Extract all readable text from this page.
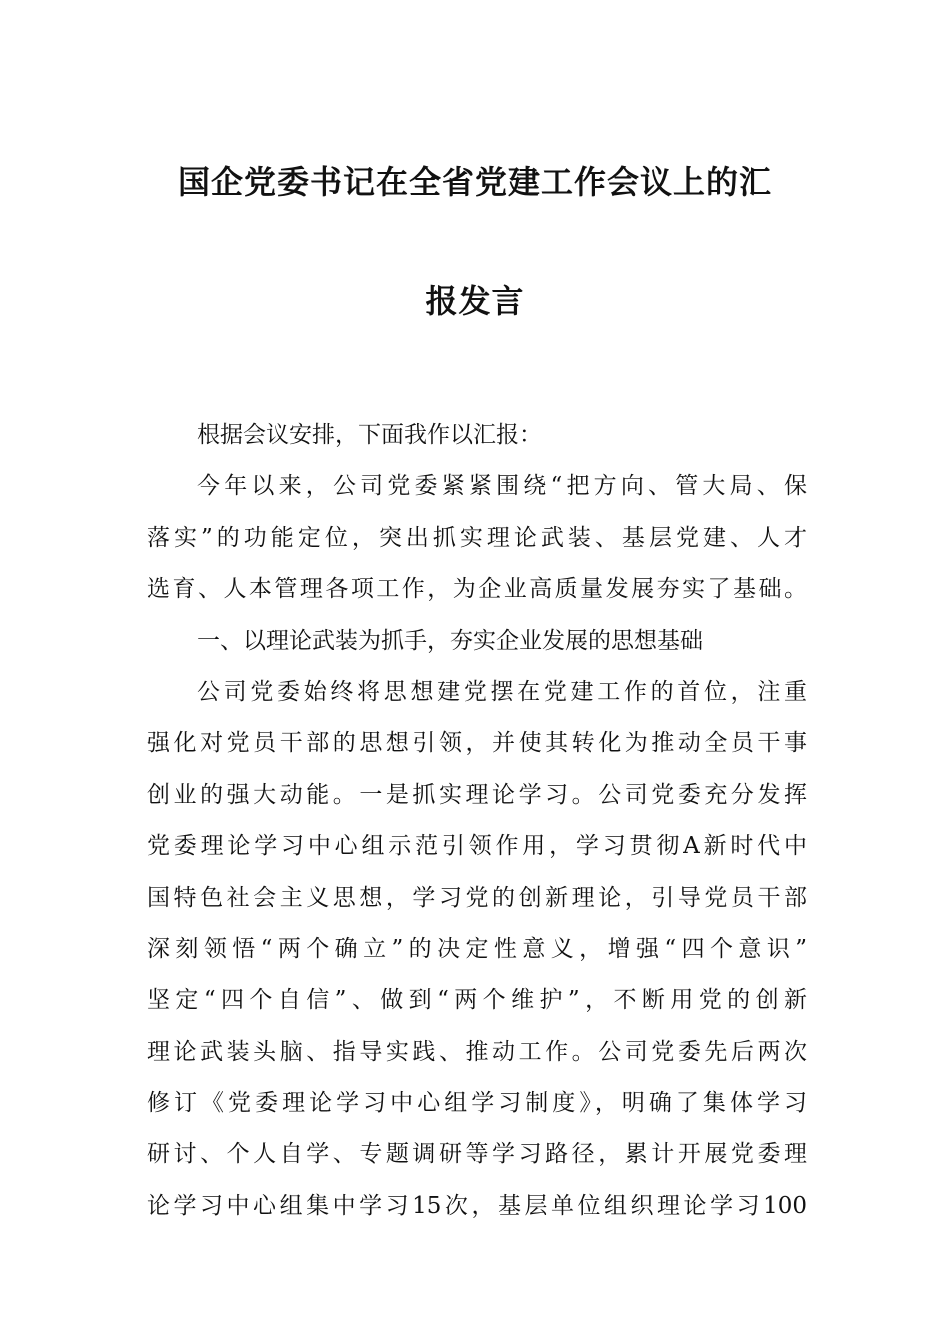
国企党委书记在全省党建工作会议上的汇
报发言
根据会议安排，下面我作以汇报：
今年以来，公司党委紧紧围绕“把方向、管大局、保
落实”的功能定位，突出抓实理论武装、基层党建、人才
选育、人本管理各项工作，为企业高质量发展夯实了基础。
一、以理论武装为抓手，夯实企业发展的思想基础
公司党委始终将思想建党摆在党建工作的首位，注重
强化对党员干部的思想引领，并使其转化为推动全员干事
创业的强大动能。一是抓实理论学习。公司党委充分发挥
党委理论学习中心组示范引领作用，学习贯彻A新时代中
国特色社会主义思想，学习党的创新理论，引导党员干部
深刻领悟“两个确立”的决定性意义，增强“四个意识”
坚定“四个自信”、做到“两个维护”，不断用党的创新
理论武装头脑、指导实践、推动工作。公司党委先后两次
修订《党委理论学习中心组学习制度》，明确了集体学习
研讨、个人自学、专题调研等学习路径，累计开展党委理
论学习中心组集中学习15次，基层单位组织理论学习100
